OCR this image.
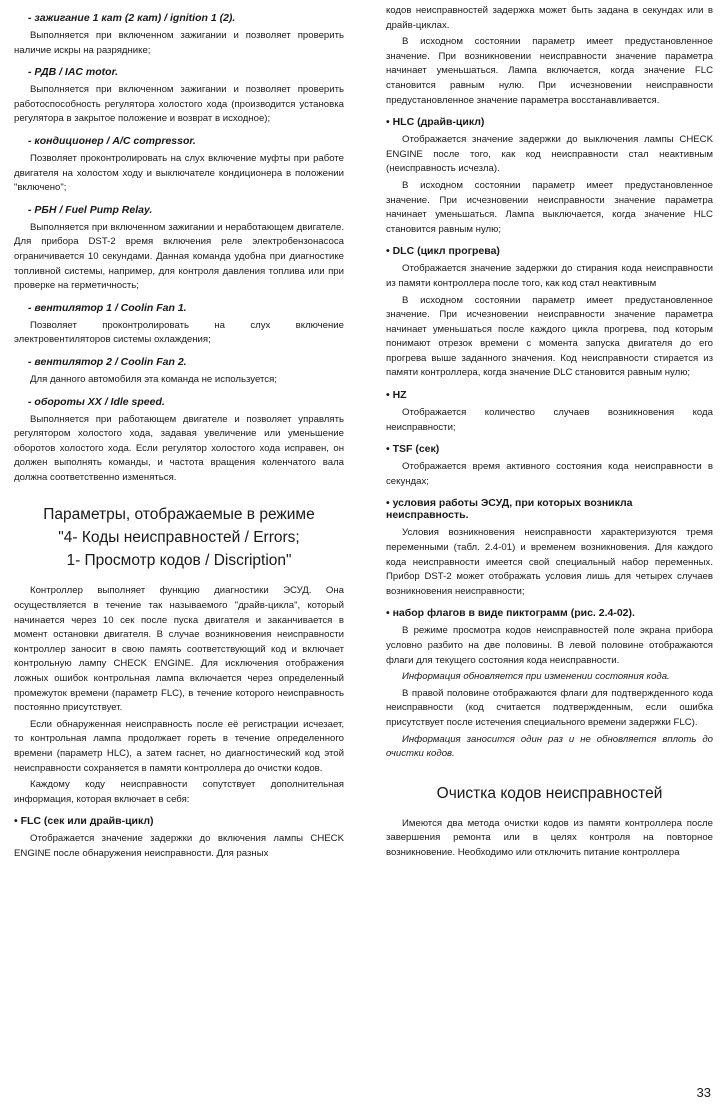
- зажигание 1 кат (2 кат) / ignition 1 (2).
Выполняется при включенном зажигании и позволяет проверить наличие искры на разряднике;
- РДВ / IAC motor.
Выполняется при включенном зажигании и позволяет проверить работоспособность регулятора холостого хода (производится установка регулятора в закрытое положение и возврат в исходное);
- кондиционер / A/C compressor.
Позволяет проконтролировать на слух включение муфты при работе двигателя на холостом ходу и выключателе кондиционера в положении "включено";
- РБН / Fuel Pump Relay.
Выполняется при включенном зажигании и неработающем двигателе. Для прибора DST-2 время включения реле электробензонасоса ограничивается 10 секундами. Данная команда удобна при диагностике топливной системы, например, для контроля давления топлива или при проверке на герметичность;
- вентилятор 1 / Coolin Fan 1.
Позволяет проконтролировать на слух включение электровентиляторов системы охлаждения;
- вентилятор 2 / Coolin Fan 2.
Для данного автомобиля эта команда не используется;
- обороты XX / Idle speed.
Выполняется при работающем двигателе и позволяет управлять регулятором холостого хода, задавая увеличение или уменьшение оборотов холостого хода. Если регулятор холостого хода исправен, он должен выполнять команды, и частота вращения коленчатого вала должна соответственно изменяться.
Параметры, отображаемые в режиме
"4- Коды неисправностей / Errors;
1- Просмотр кодов / Discription"
Контроллер выполняет функцию диагностики ЭСУД. Она осуществляется в течение так называемого "драйв-цикла", который начинается через 10 сек после пуска двигателя и заканчивается в момент остановки двигателя. В случае возникновения неисправности контроллер заносит в свою память соответствующий код и включает контрольную лампу CHECK ENGINE. Для исключения отображения ложных ошибок контрольная лампа включается через определенный промежуток времени (параметр FLC), в течение которого неисправность постоянно присутствует.
Если обнаруженная неисправность после её регистрации исчезает, то контрольная лампа продолжает гореть в течение определенного времени (параметр HLC), а затем гаснет, но диагностический код этой неисправности сохраняется в памяти контроллера до очистки кодов.
Каждому коду неисправности сопутствует дополнительная информация, которая включает в себя:
• FLC (сек или драйв-цикл)
Отображается значение задержки до включения лампы CHECK ENGINE после обнаружения неисправности. Для разных
кодов неисправностей задержка может быть задана в секундах или в драйв-циклах.
В исходном состоянии параметр имеет предустановленное значение. При возникновении неисправности значение параметра начинает уменьшаться. Лампа включается, когда значение FLC становится равным нулю. При исчезновении неисправности предустановленное значение параметра восстанавливается.
• HLC (драйв-цикл)
Отображается значение задержки до выключения лампы CHECK ENGINE после того, как код неисправности стал неактивным (неисправность исчезла).
В исходном состоянии параметр имеет предустановленное значение. При исчезновении неисправности значение параметра начинает уменьшаться. Лампа выключается, когда значение HLC становится равным нулю;
• DLC (цикл прогрева)
Отображается значение задержки до стирания кода неисправности из памяти контроллера после того, как код стал неактивным
В исходном состоянии параметр имеет предустановленное значение. При исчезновении неисправности значение параметра начинает уменьшаться после каждого цикла прогрева, под которым понимают отрезок времени с момента запуска двигателя до его прогрева выше заданного значения. Код неисправности стирается из памяти контроллера, когда значение DLC становится равным нулю;
• HZ
Отображается количество случаев возникновения кода неисправности;
• TSF (сек)
Отображается время активного состояния кода неисправности в секундах;
• условия работы ЭСУД, при которых возникла неисправность.
Условия возникновения неисправности характеризуются тремя переменными (табл. 2.4-01) и временем возникновения. Для каждого кода неисправности имеется свой специальный набор переменных. Прибор DST-2 может отображать условия лишь для четырех случаев возникновения неисправности;
• набор флагов в виде пиктограмм (рис. 2.4-02).
В режиме просмотра кодов неисправностей поле экрана прибора условно разбито на две половины. В левой половине отображаются флаги для текущего состояния кода неисправности.
Информация обновляется при изменении состояния кода.
В правой половине отображаются флаги для подтвержденного кода неисправности (код считается подтвержденным, если ошибка присутствует после истечения специального времени задержки FLC).
Информация заносится один раз и не обновляется вплоть до очистки кодов.
Очистка кодов неисправностей
Имеются два метода очистки кодов из памяти контроллера после завершения ремонта или в целях контроля на повторное возникновение. Необходимо или отключить питание контроллера
33
